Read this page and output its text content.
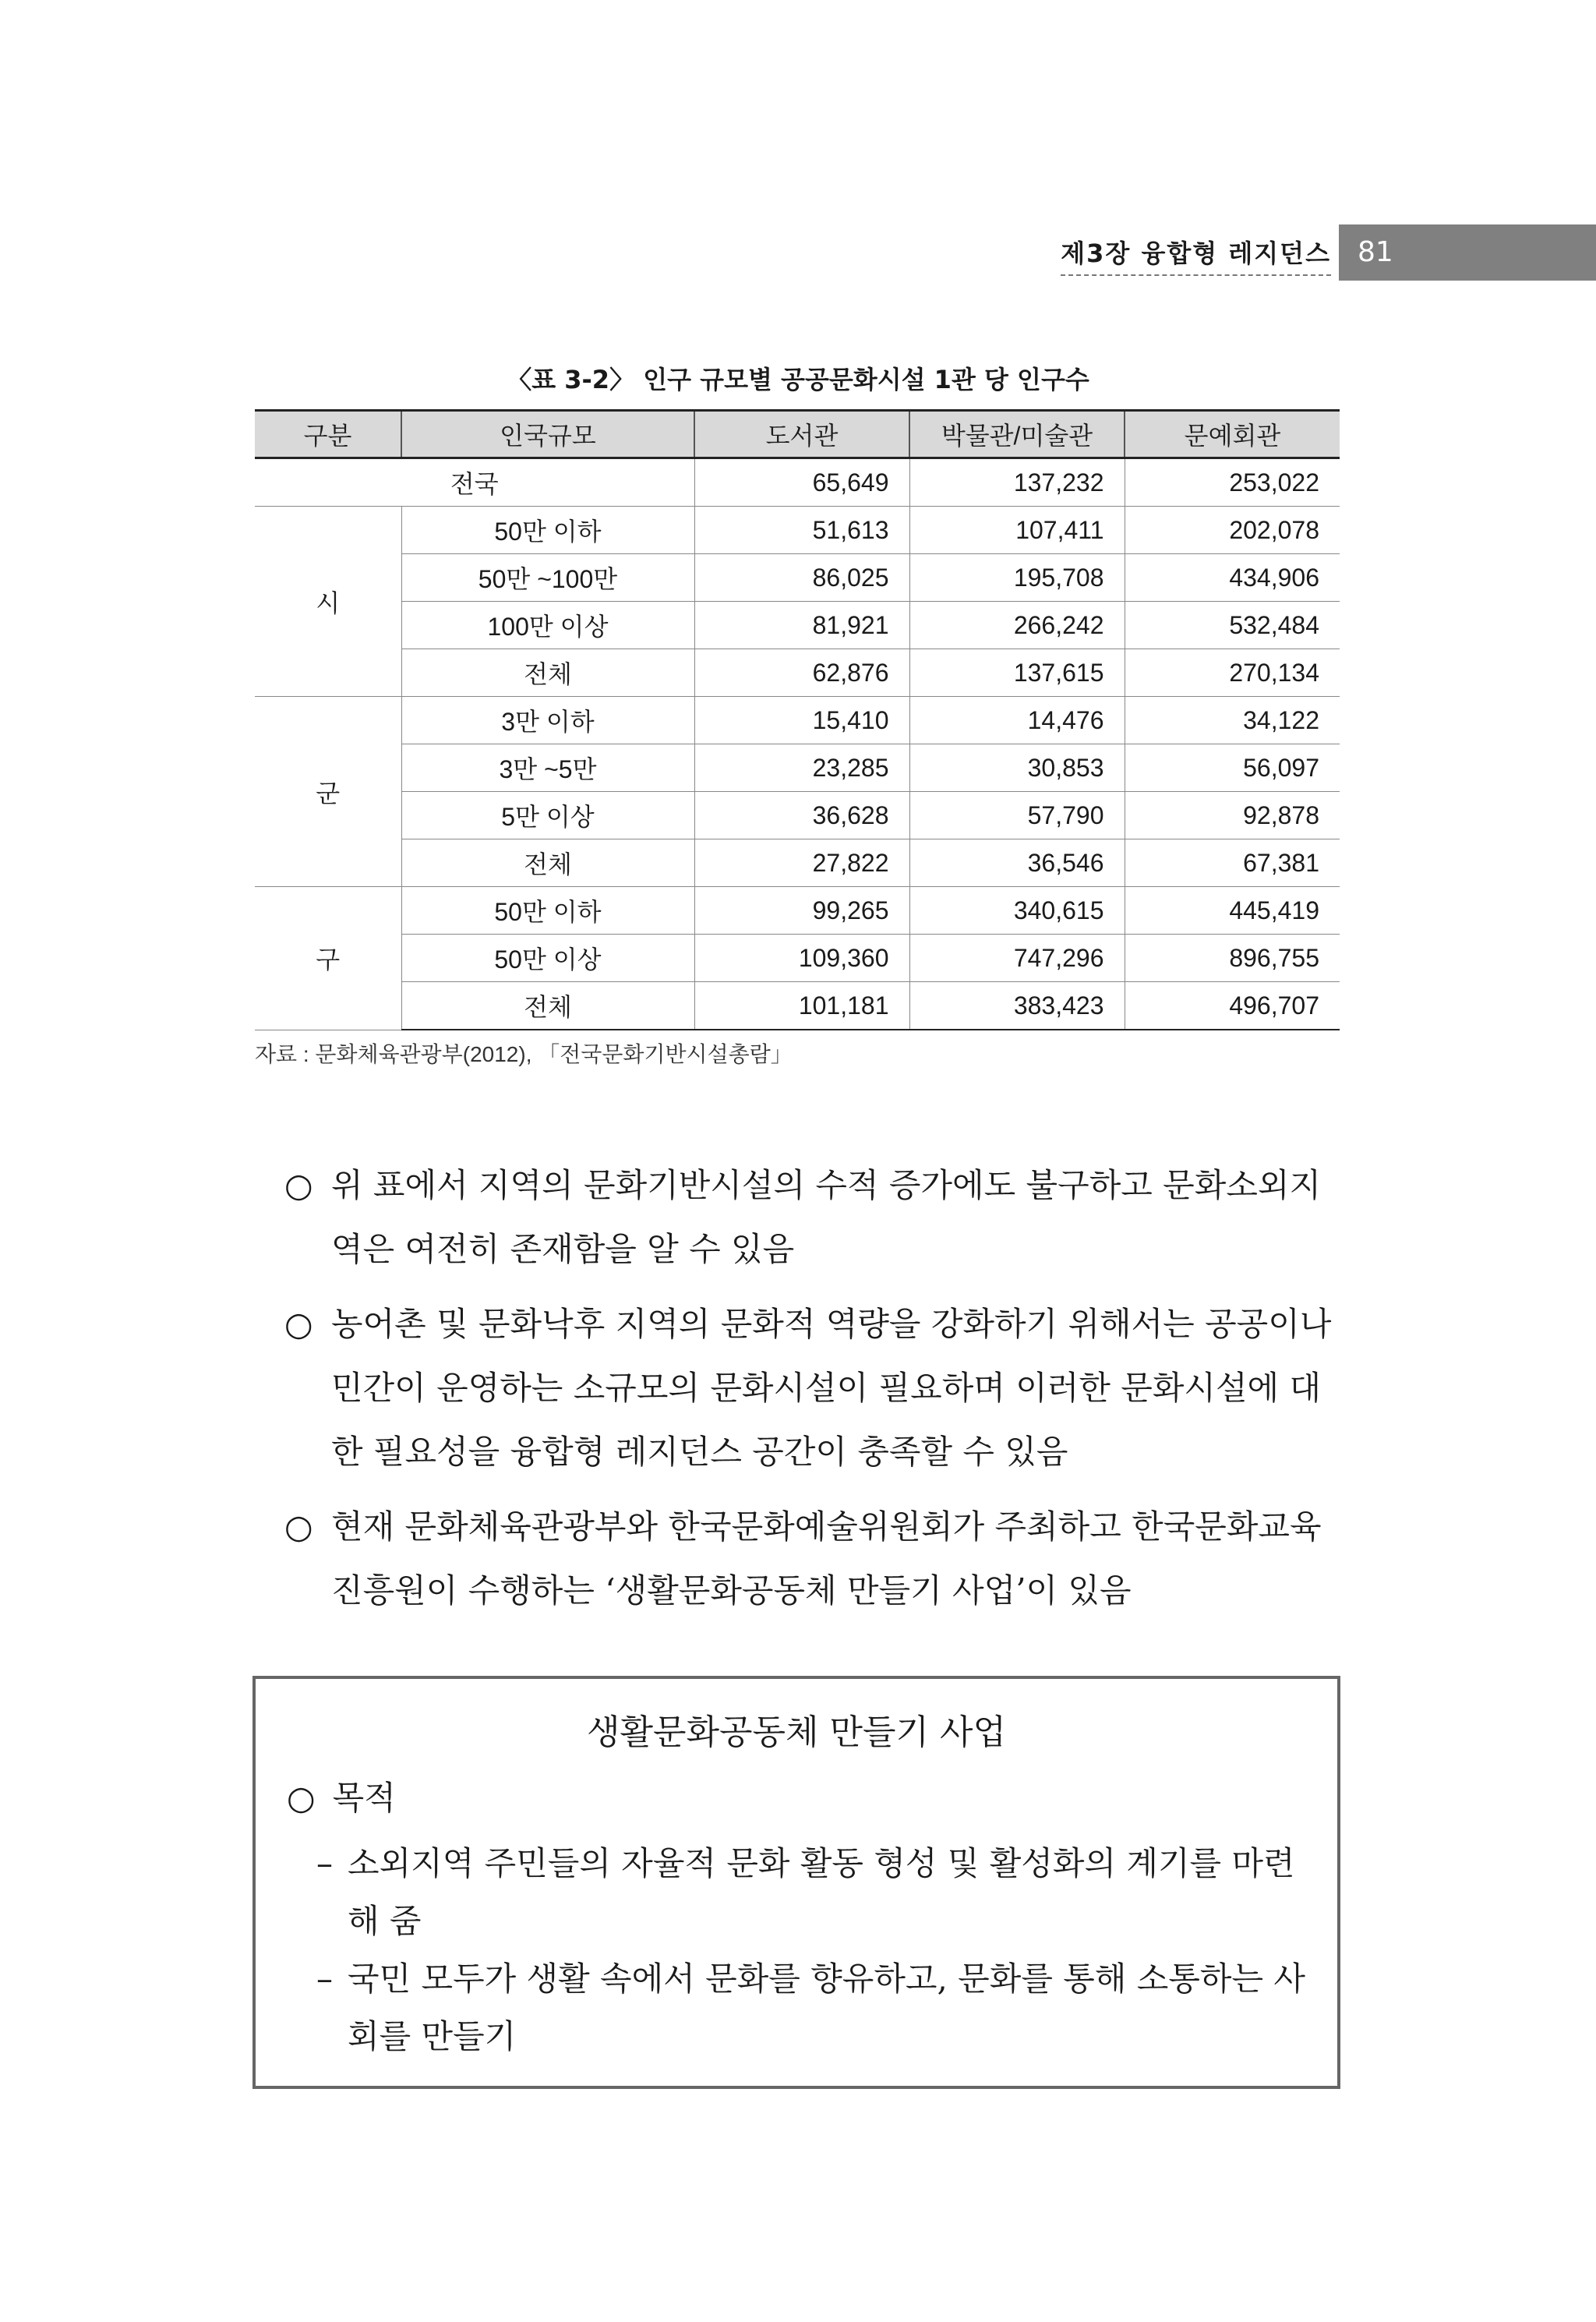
제3장 융합형 레지던스 81
〈표 3-2〉 인구 규모별 공공문화시설 1관 당 인구수
구분	인국규모	도서관	박물관/미술관	문예회관
전국		65,649	137,232	253,022
시	50만 이하	51,613	107,411	202,078
	50만 ~100만	86,025	195,708	434,906
	100만 이상	81,921	266,242	532,484
	전체	62,876	137,615	270,134
군	3만 이하	15,410	14,476	34,122
	3만 ~5만	23,285	30,853	56,097
	5만 이상	36,628	57,790	92,878
	전체	27,822	36,546	67,381
구	50만 이하	99,265	340,615	445,419
	50만 이상	109,360	747,296	896,755
	전체	101,181	383,423	496,707
자료 : 문화체육관광부(2012), 「전국문화기반시설총람」
○ 위 표에서 지역의 문화기반시설의 수적 증가에도 불구하고 문화소외지역은 여전히 존재함을 알 수 있음
○ 농어촌 및 문화낙후 지역의 문화적 역량을 강화하기 위해서는 공공이나 민간이 운영하는 소규모의 문화시설이 필요하며 이러한 문화시설에 대한 필요성을 융합형 레지던스 공간이 충족할 수 있음
○ 현재 문화체육관광부와 한국문화예술위원회가 주최하고 한국문화교육진흥원이 수행하는 ‘생활문화공동체 만들기 사업’이 있음
생활문화공동체 만들기 사업
○ 목적
– 소외지역 주민들의 자율적 문화 활동 형성 및 활성화의 계기를 마련해 줌
– 국민 모두가 생활 속에서 문화를 향유하고, 문화를 통해 소통하는 사회를 만들기
